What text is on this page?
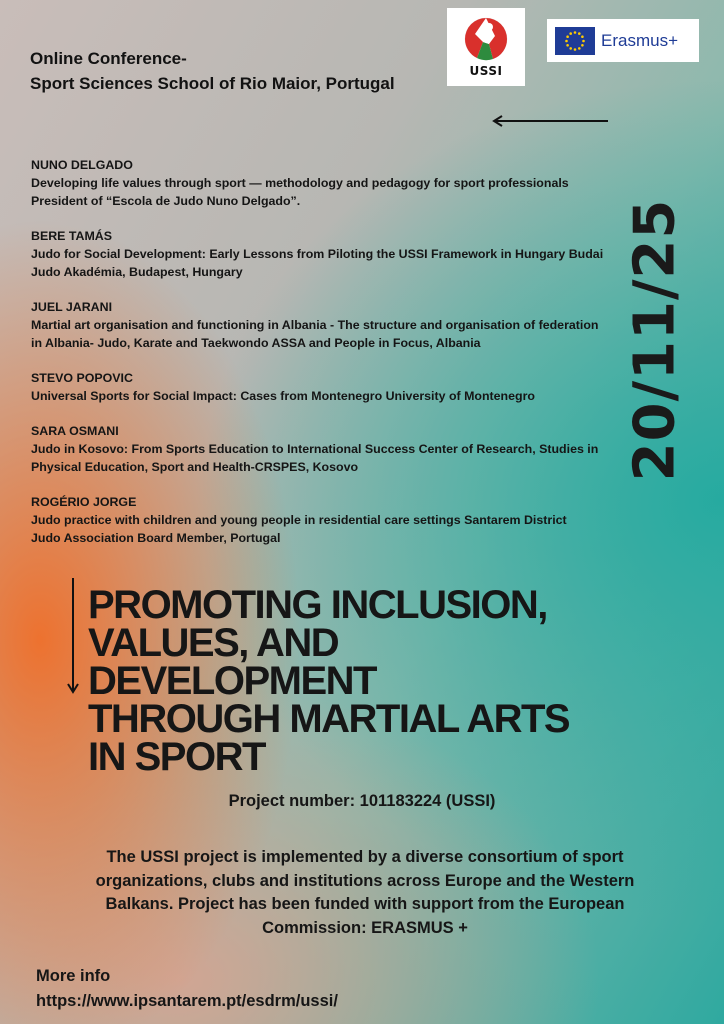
Online Conference-
Sport Sciences School of Rio Maior, Portugal
USSI
Erasmus+
NUNO DELGADO
Developing life values through sport — methodology and pedagogy for sport professionals
President of “Escola de Judo Nuno Delgado”.
BERE TAMÁS
Judo for Social Development: Early Lessons from Piloting the USSI Framework in Hungary Budai
Judo Akadémia, Budapest, Hungary
JUEL JARANI
Martial art organisation and functioning in Albania - The structure and organisation of federation
in Albania- Judo, Karate and Taekwondo ASSA and People in Focus, Albania
STEVO POPOVIC
Universal Sports for Social Impact: Cases from Montenegro University of Montenegro
SARA OSMANI
Judo in Kosovo: From Sports Education to International Success Center of Research, Studies in
Physical Education, Sport and Health-CRSPES, Kosovo
ROGÉRIO JORGE
Judo practice with children and young people in residential care settings Santarem District
Judo Association Board Member, Portugal
20/11/25
PROMOTING INCLUSION,
VALUES, AND
DEVELOPMENT
THROUGH MARTIAL ARTS
IN SPORT
Project number: 101183224 (USSI)
The USSI project is implemented by a diverse consortium of sport
organizations, clubs and institutions across Europe and the Western
Balkans. Project has been funded with support from the European
Commission: ERASMUS +
More info
https://www.ipsantarem.pt/esdrm/ussi/
